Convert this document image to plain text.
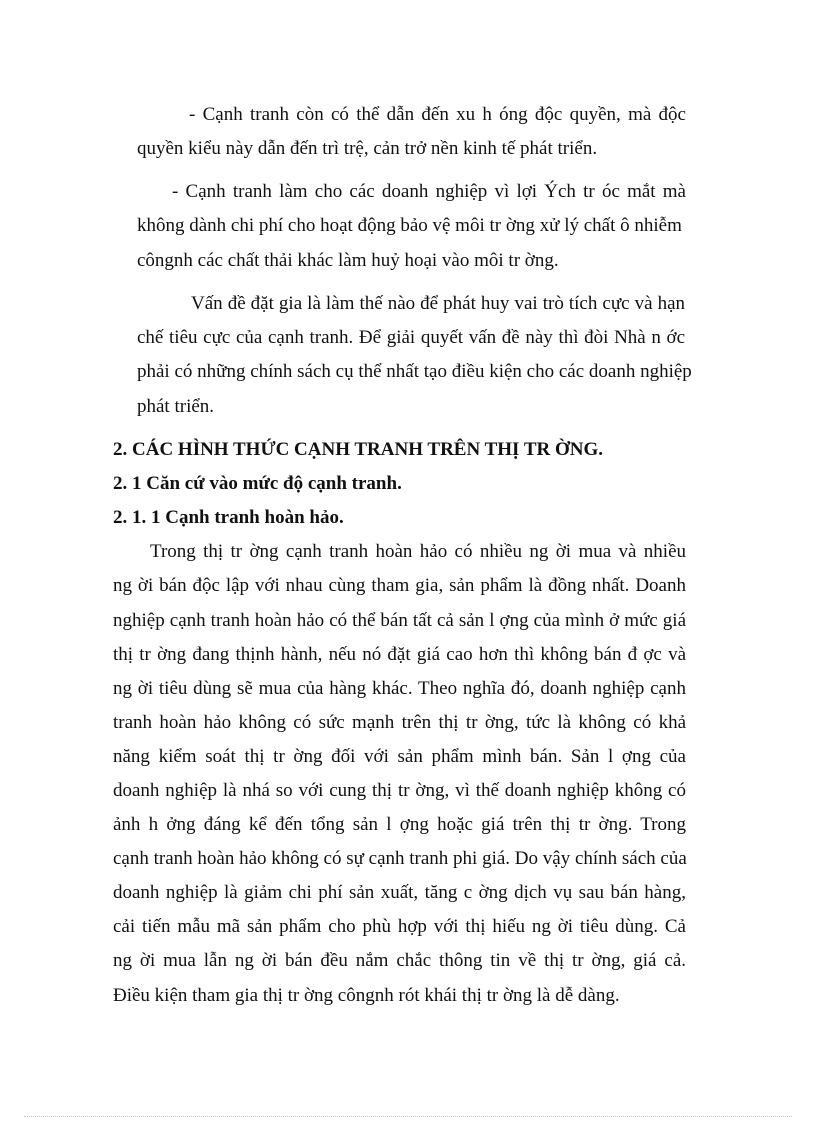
- Cạnh tranh còn có thể dẫn đến xu h óng độc quyền, mà độc

quyền kiểu này dẫn đến trì trệ, cản trở nền kinh tế phát triển.

- Cạnh tranh làm cho các doanh nghiệp vì lợi Ých tr óc mắt mà

không dành chi phí cho hoạt động bảo vệ môi tr ờng xử lý chất ô nhiễm

côngnh các chất thải khác làm huỷ hoại vào môi tr ờng.

Vấn đề đặt gia là làm thế nào để phát huy vai trò tích cực và hạn

chế tiêu cực của cạnh tranh. Để giải quyết vấn đề này thì đòi Nhà n ớc

phải có những chính sách cụ thể nhất tạo điều kiện cho các doanh nghiệp

phát triển.

2. CÁC HÌNH THỨC CẠNH TRANH TRÊN THỊ TR ỜNG.

2. 1 Căn cứ vào mức độ cạnh tranh.

2. 1. 1 Cạnh tranh hoàn hảo.

Trong thị tr ờng cạnh tranh hoàn hảo có nhiều ng ời mua và nhiều

ng ời bán độc lập với nhau cùng tham gia, sản phẩm là đồng nhất. Doanh

nghiệp cạnh tranh hoàn hảo có thể bán tất cả sản l ợng của mình ở mức giá

thị tr ờng đang thịnh hành, nếu nó đặt giá cao hơn thì không bán đ ợc và

ng ời tiêu dùng sẽ mua của hàng khác. Theo nghĩa đó, doanh nghiệp cạnh

tranh hoàn hảo không có sức mạnh trên thị tr ờng, tức là không có khả

năng kiểm soát thị tr ờng đối với sản phẩm mình bán. Sản l ợng của

doanh nghiệp là nhá so với cung thị tr ờng, vì thế doanh nghiệp không có

ảnh h ởng đáng kể đến tổng sản l ợng hoặc giá trên thị tr ờng. Trong

cạnh tranh hoàn hảo không có sự cạnh tranh phi giá. Do vậy chính sách của

doanh nghiệp là giảm chi phí sản xuất, tăng c ờng dịch vụ sau bán hàng,

cải tiến mẫu mã sản phẩm cho phù hợp với thị hiếu ng ời tiêu dùng. Cả

ng ời mua lẫn ng ời bán đều nắm chắc thông tin về thị tr ờng, giá cả.

Điều kiện tham gia thị tr ờng côngnh rót khái thị tr ờng là dễ dàng.
